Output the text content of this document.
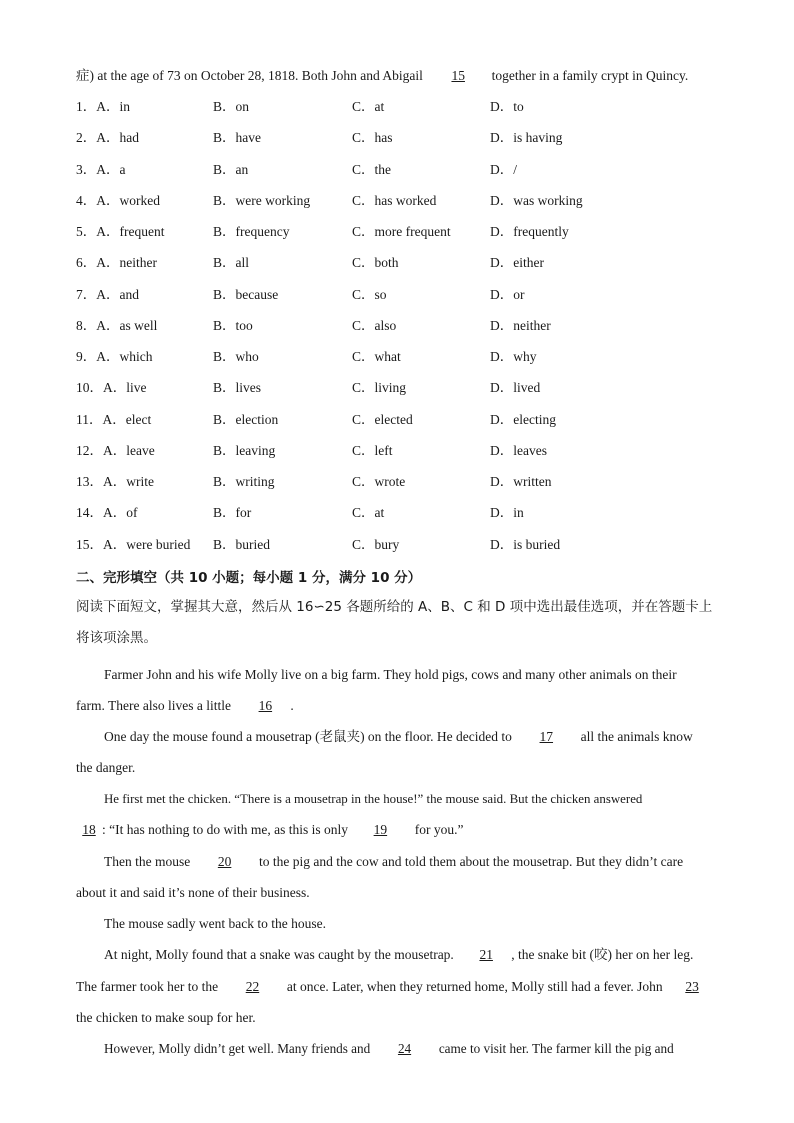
症) at the age of 73 on October 28, 1818. Both John and Abigail 15 together in a family crypt in Quincy.
1．A．in	B．on	C．at	D．to
2．A．had	B．have	C．has	D．is having
3．A．a	B．an	C．the	D．/
4．A．worked	B．were working	C．has worked	D．was working
5．A．frequent	B．frequency	C．more frequent	D．frequently
6．A．neither	B．all	C．both	D．either
7．A．and	B．because	C．so	D．or
8．A．as well	B．too	C．also	D．neither
9．A．which	B．who	C．what	D．why
10．A．live	B．lives	C．living	D．lived
11．A．elect	B．election	C．elected	D．electing
12．A．leave	B．leaving	C．left	D．leaves
13．A．write	B．writing	C．wrote	D．written
14．A．of	B．for	C．at	D．in
15．A．were buried B．buried	C．bury	D．is buried
二、完形填空（共 10 小题；每小题 1 分，满分 10 分）
阅读下面短文，掌握其大意，然后从 16∽25 各题所给的 A、B、C 和 D 项中选出最佳选项，并在答题卡上
将该项涂黑。
Farmer John and his wife Molly live on a big farm. They hold pigs, cows and many other animals on their
farm. There also lives a little 16 .
One day the mouse found a mousetrap (老鼠夹) on the floor. He decided to 17 all the animals know
the danger.
He first met the chicken. “There is a mousetrap in the house!” the mouse said. But the chicken answered
18 : “It has nothing to do with me, as this is only 19 for you.”
Then the mouse 20 to the pig and the cow and told them about the mousetrap. But they didn’t care
about it and said it’s none of their business.
The mouse sadly went back to the house.
At night, Molly found that a snake was caught by the mousetrap. 21 , the snake bit (咬) her on her leg.
The farmer took her to the 22 at once. Later, when they returned home, Molly still had a fever. John 23
the chicken to make soup for her.
However, Molly didn’t get well. Many friends and 24 came to visit her. The farmer kill the pig and
